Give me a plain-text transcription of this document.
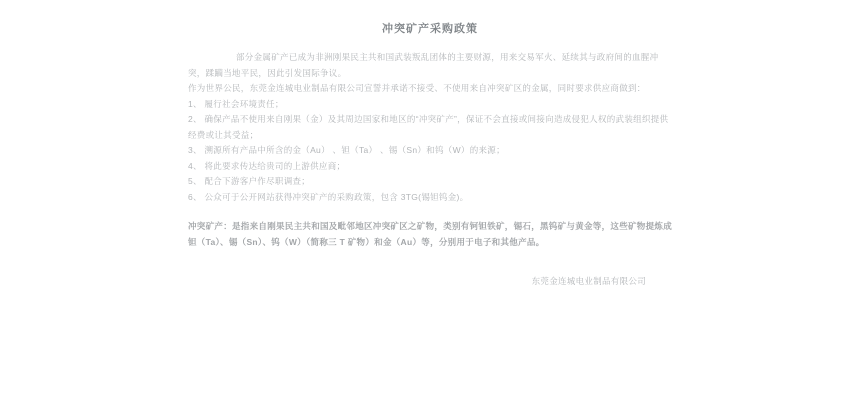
冲突矿产采购政策

部分金属矿产已成为非洲刚果民主共和国武装叛乱团体的主要财源，用来交易军火、延续其与政府间的血腥冲突，蹂躏当地平民，因此引发国际争议。

作为世界公民，东莞金连城电业制品有限公司宣誓并承诺不接受、不使用来自冲突矿区的金属，同时要求供应商做到：

1、 履行社会环境责任；

2、 确保产品不使用来自刚果（金）及其周边国家和地区的“冲突矿产”，保证不会直接或间接向造成侵犯人权的武装组织提供经费或让其受益；

3、 溯源所有产品中所含的金（Au） 、钽（Ta） 、锡（Sn）和钨（W）的来源；

4、 将此要求传达给贵司的上游供应商；

5、 配合下游客户作尽职调查；

6、 公众可于公开网站获得冲突矿产的采购政策，包含 3TG(锡钽钨金)。

冲突矿产：是指来自刚果民主共和国及毗邻地区冲突矿区之矿物，类别有钶钽铁矿，锡石，黑钨矿与黄金等，这些矿物提炼成钽（Ta）、锡（Sn）、钨（W）（简称三 T 矿物）和金（Au）等，分别用于电子和其他产品。

东莞金连城电业制品有限公司
